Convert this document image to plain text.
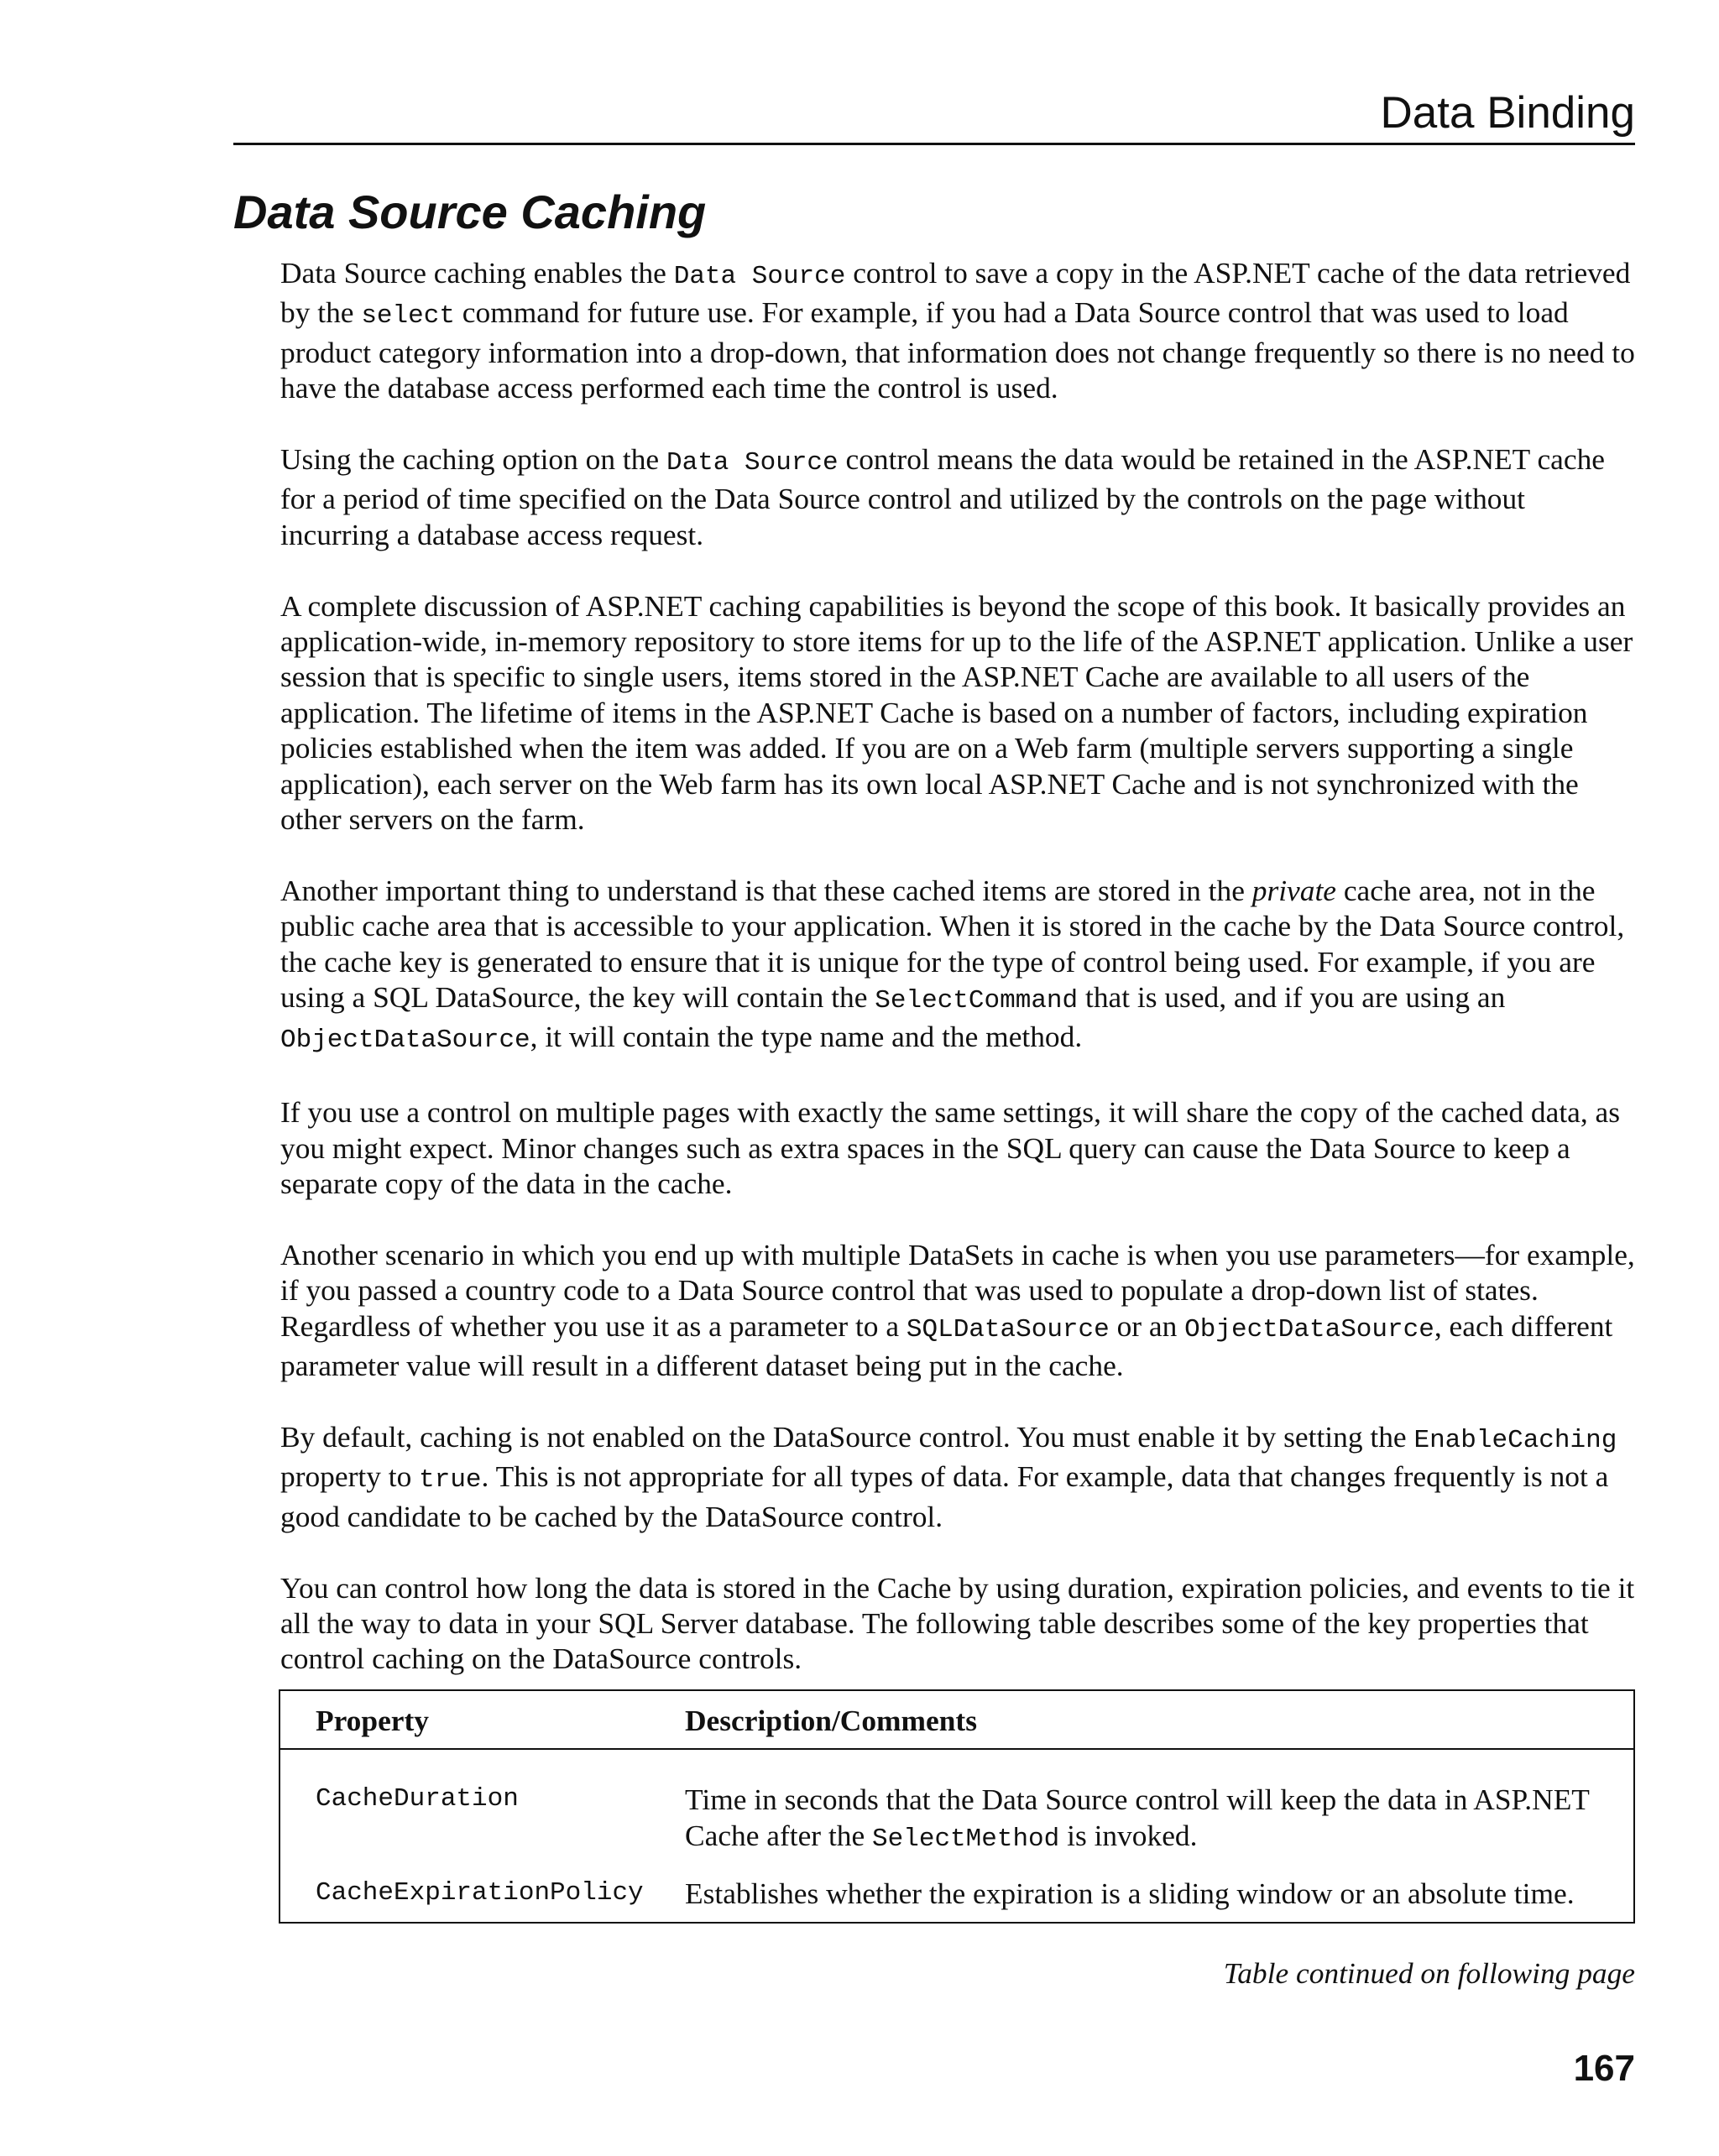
Data Binding
Data Source Caching

Data Source caching enables the Data Source control to save a copy in the ASP.NET cache of the data retrieved by the select command for future use. For example, if you had a Data Source control that was used to load product category information into a drop-down, that information does not change frequently so there is no need to have the database access performed each time the control is used.

Using the caching option on the Data Source control means the data would be retained in the ASP.NET cache for a period of time specified on the Data Source control and utilized by the controls on the page without incurring a database access request.

A complete discussion of ASP.NET caching capabilities is beyond the scope of this book. It basically provides an application-wide, in-memory repository to store items for up to the life of the ASP.NET application. Unlike a user session that is specific to single users, items stored in the ASP.NET Cache are available to all users of the application. The lifetime of items in the ASP.NET Cache is based on a number of factors, including expiration policies established when the item was added. If you are on a Web farm (multiple servers supporting a single application), each server on the Web farm has its own local ASP.NET Cache and is not synchronized with the other servers on the farm.

Another important thing to understand is that these cached items are stored in the private cache area, not in the public cache area that is accessible to your application. When it is stored in the cache by the Data Source control, the cache key is generated to ensure that it is unique for the type of control being used. For example, if you are using a SQL DataSource, the key will contain the SelectCommand that is used, and if you are using an ObjectDataSource, it will contain the type name and the method.

If you use a control on multiple pages with exactly the same settings, it will share the copy of the cached data, as you might expect. Minor changes such as extra spaces in the SQL query can cause the Data Source to keep a separate copy of the data in the cache.

Another scenario in which you end up with multiple DataSets in cache is when you use parameters—for example, if you passed a country code to a Data Source control that was used to populate a drop-down list of states. Regardless of whether you use it as a parameter to a SQLDataSource or an ObjectDataSource, each different parameter value will result in a different dataset being put in the cache.

By default, caching is not enabled on the DataSource control. You must enable it by setting the EnableCaching property to true. This is not appropriate for all types of data. For example, data that changes frequently is not a good candidate to be cached by the DataSource control.

You can control how long the data is stored in the Cache by using duration, expiration policies, and events to tie it all the way to data in your SQL Server database. The following table describes some of the key properties that control caching on the DataSource controls.

Property	Description/Comments
CacheDuration	Time in seconds that the Data Source control will keep the data in ASP.NET Cache after the SelectMethod is invoked.
CacheExpirationPolicy	Establishes whether the expiration is a sliding window or an absolute time.
Table continued on following page
167
